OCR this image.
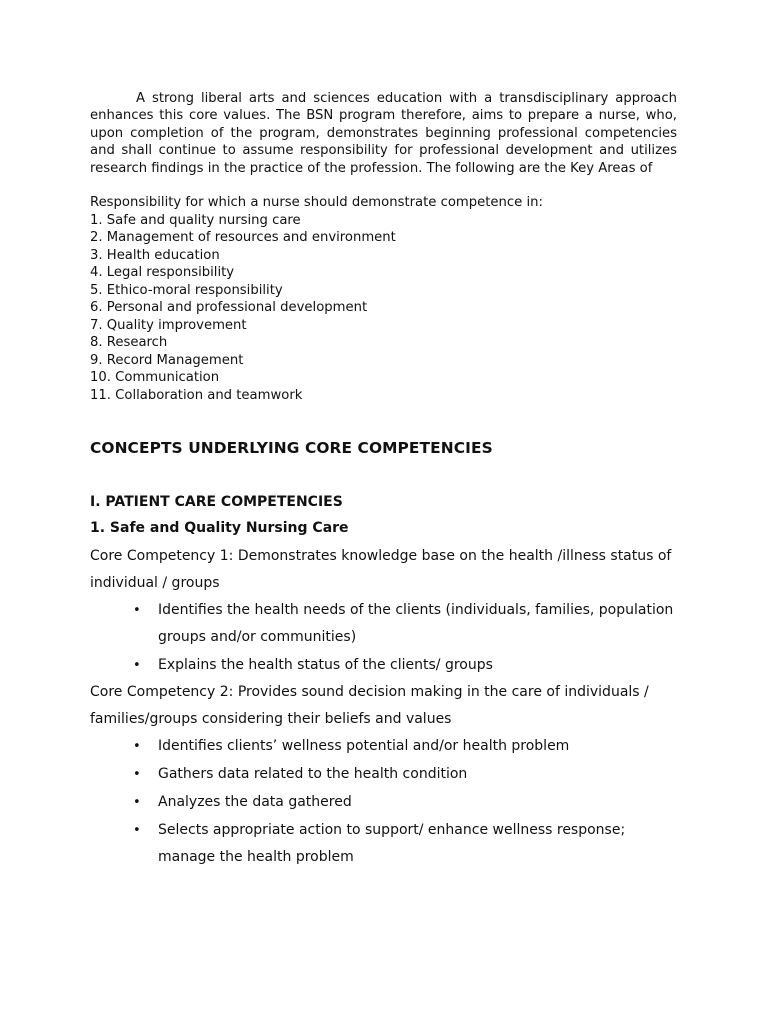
A strong liberal arts and sciences education with a transdisciplinary approach enhances this core values. The BSN program therefore, aims to prepare a nurse, who, upon completion of the program, demonstrates beginning professional competencies and shall continue to assume responsibility for professional development and utilizes research findings in the practice of the profession. The following are the Key Areas of

Responsibility for which a nurse should demonstrate competence in:

1. Safe and quality nursing care
2. Management of resources and environment
3. Health education
4. Legal responsibility
5. Ethico-moral responsibility
6. Personal and professional development
7. Quality improvement
8. Research
9. Record Management
10. Communication
11. Collaboration and teamwork
CONCEPTS UNDERLYING CORE COMPETENCIES
I. PATIENT CARE COMPETENCIES
1. Safe and Quality Nursing Care

Core Competency 1: Demonstrates knowledge base on the health /illness status of individual / groups

• Identifies the health needs of the clients (individuals, families, population groups and/or communities)
• Explains the health status of the clients/ groups

Core Competency 2: Provides sound decision making in the care of individuals / families/groups considering their beliefs and values

• Identifies clients’ wellness potential and/or health problem
• Gathers data related to the health condition
• Analyzes the data gathered
• Selects appropriate action to support/ enhance wellness response; manage the health problem
